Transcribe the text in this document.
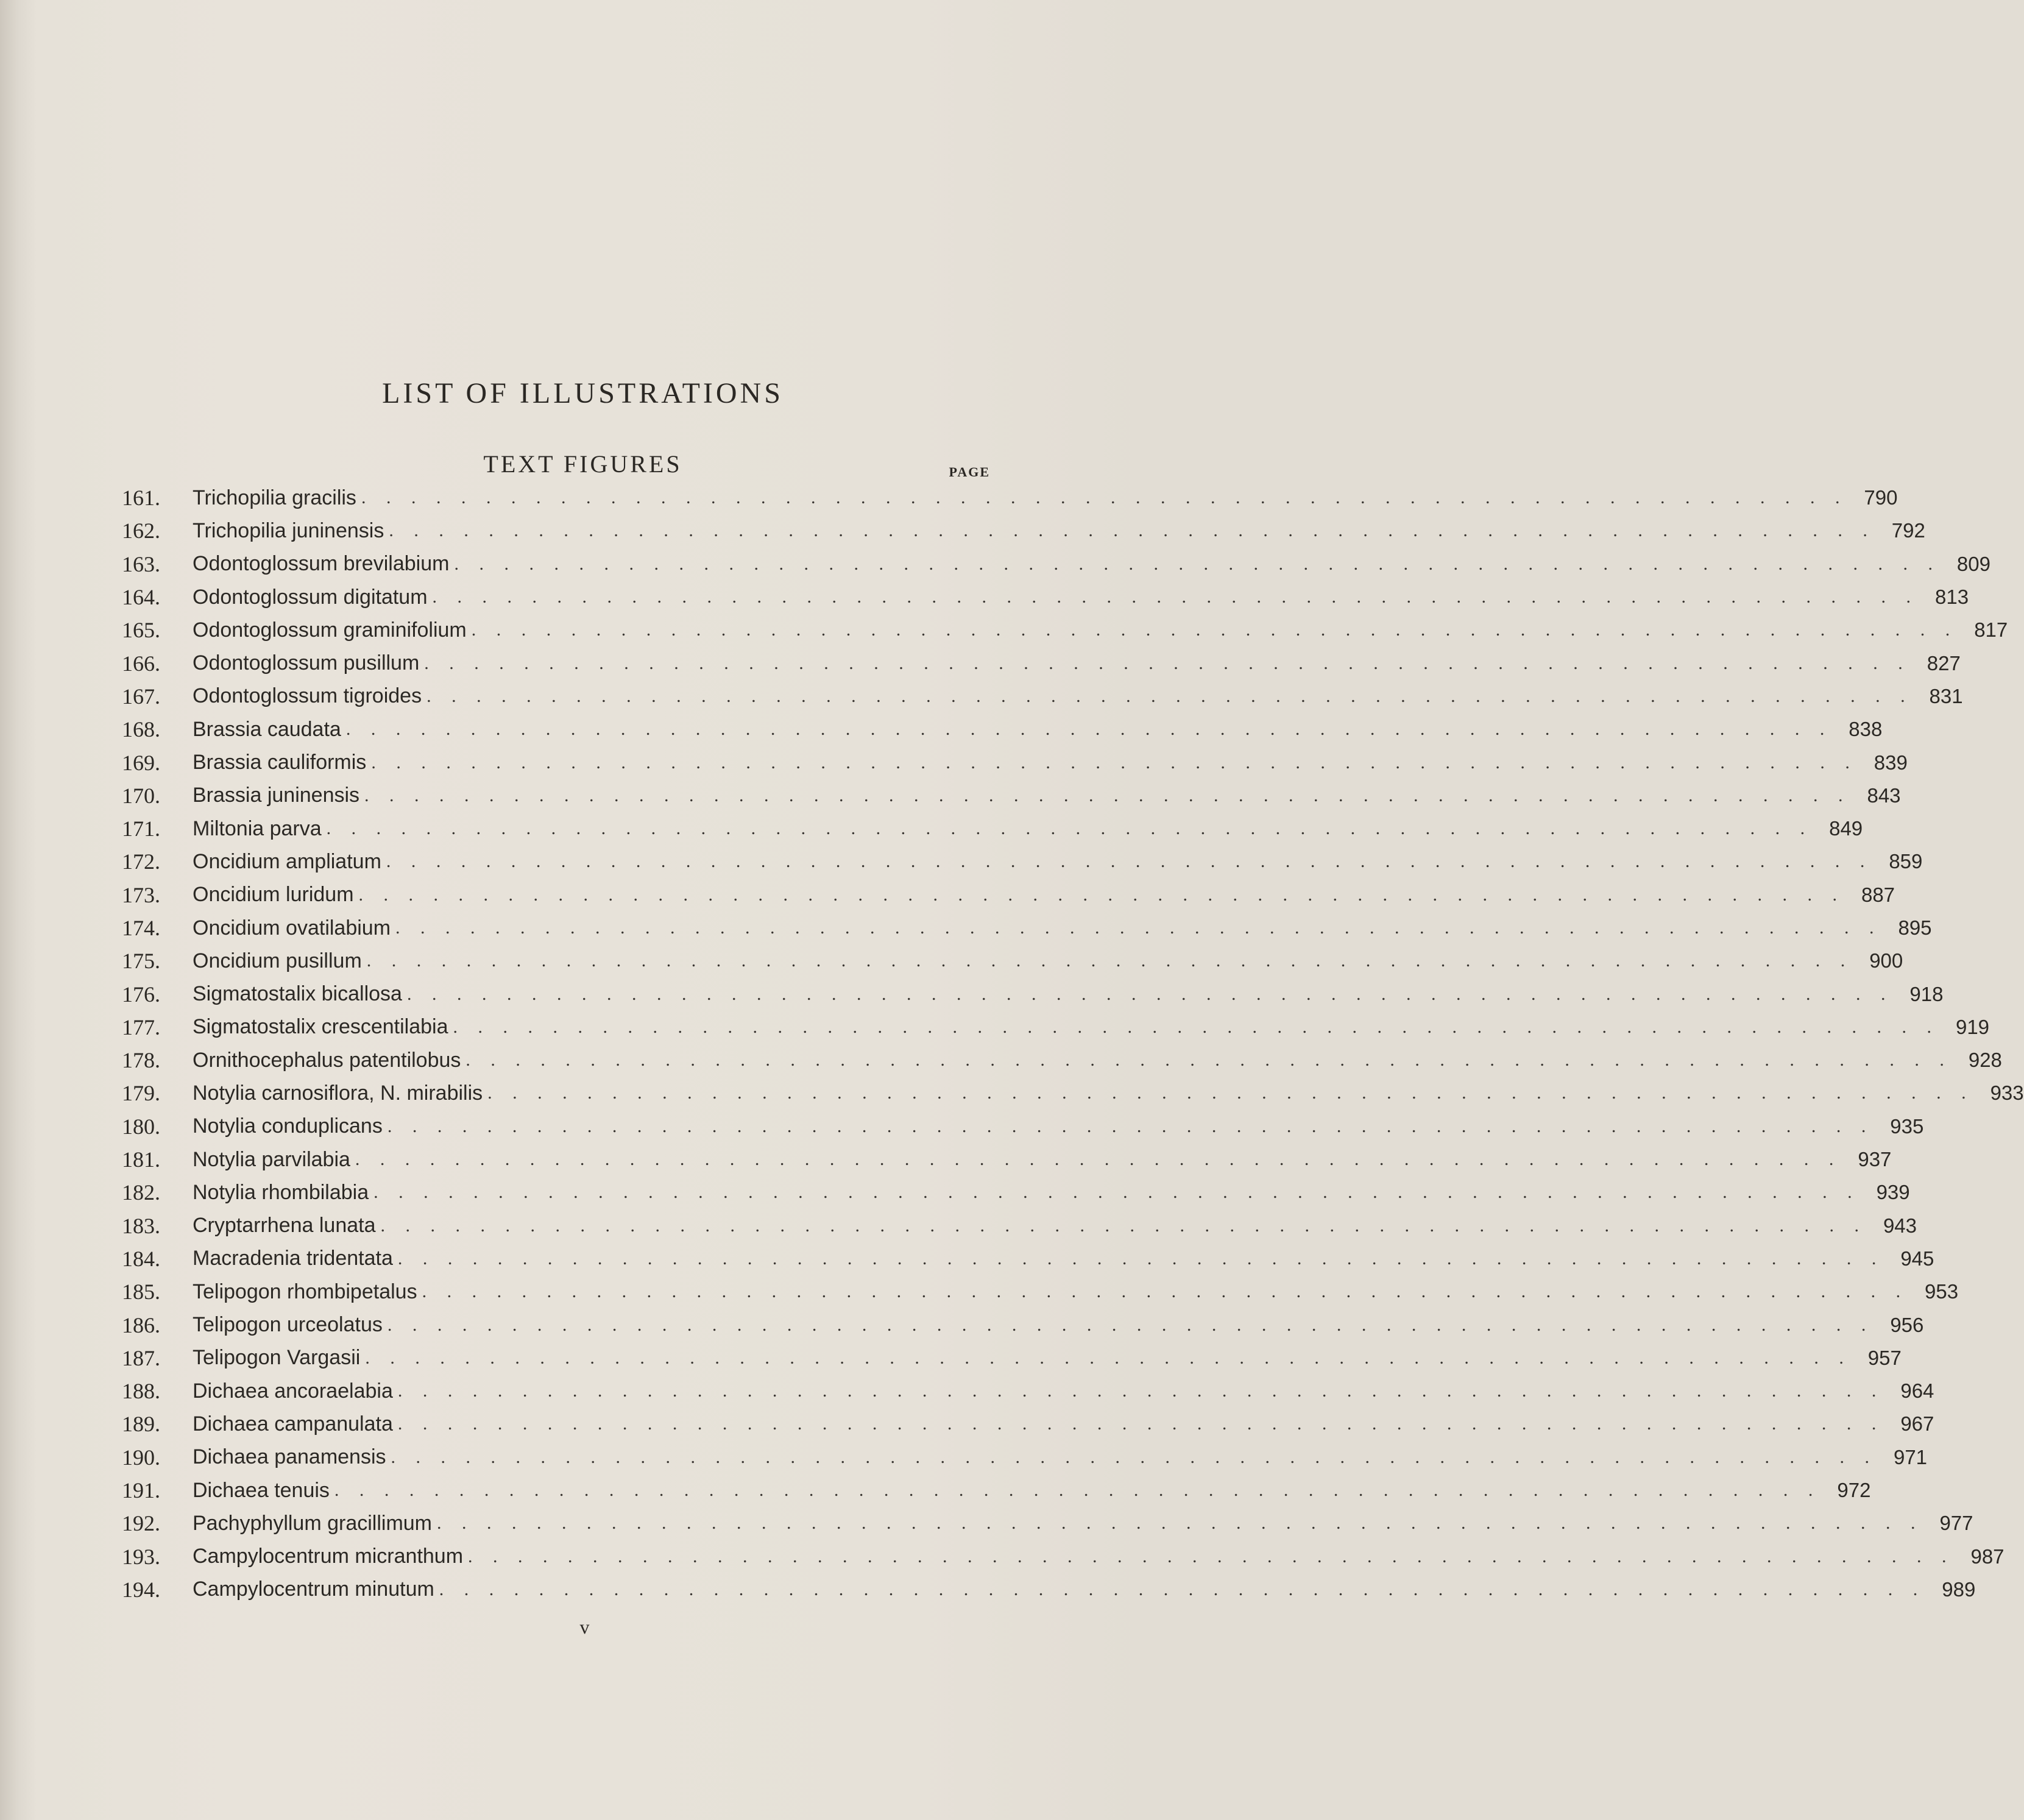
LIST OF ILLUSTRATIONS
TEXT FIGURES	PAGE
161.	Trichopilia gracilis . . . . . . . . . . . . . . . . . . . . . . . . . . . . . . . . . . . . . . . . . . . . . . . . . . . . . . . . . . . . 790
162.	Trichopilia juninensis . . . . . . . . . . . . . . . . . . . . . . . . . . . . . . . . . . . . . . . . . . . . . . . . . . . . . . . . . . . . 792
163.	Odontoglossum brevilabium . . . . . . . . . . . . . . . . . . . . . . . . . . . . . . . . . . . . . . . . . . . . . . . . . . . . . . . . . . . . 809
164.	Odontoglossum digitatum . . . . . . . . . . . . . . . . . . . . . . . . . . . . . . . . . . . . . . . . . . . . . . . . . . . . . . . . . . . . 813
165.	Odontoglossum graminifolium . . . . . . . . . . . . . . . . . . . . . . . . . . . . . . . . . . . . . . . . . . . . . . . . . . . . . . . . . . . . 817
166.	Odontoglossum pusillum . . . . . . . . . . . . . . . . . . . . . . . . . . . . . . . . . . . . . . . . . . . . . . . . . . . . . . . . . . . . 827
167.	Odontoglossum tigroides . . . . . . . . . . . . . . . . . . . . . . . . . . . . . . . . . . . . . . . . . . . . . . . . . . . . . . . . . . . . 831
168.	Brassia caudata . . . . . . . . . . . . . . . . . . . . . . . . . . . . . . . . . . . . . . . . . . . . . . . . . . . . . . . . . . . . 838
169.	Brassia cauliformis . . . . . . . . . . . . . . . . . . . . . . . . . . . . . . . . . . . . . . . . . . . . . . . . . . . . . . . . . . . . 839
170.	Brassia juninensis . . . . . . . . . . . . . . . . . . . . . . . . . . . . . . . . . . . . . . . . . . . . . . . . . . . . . . . . . . . . 843
171.	Miltonia parva . . . . . . . . . . . . . . . . . . . . . . . . . . . . . . . . . . . . . . . . . . . . . . . . . . . . . . . . . . . . 849
172.	Oncidium ampliatum . . . . . . . . . . . . . . . . . . . . . . . . . . . . . . . . . . . . . . . . . . . . . . . . . . . . . . . . . . . . 859
173.	Oncidium luridum . . . . . . . . . . . . . . . . . . . . . . . . . . . . . . . . . . . . . . . . . . . . . . . . . . . . . . . . . . . . 887
174.	Oncidium ovatilabium . . . . . . . . . . . . . . . . . . . . . . . . . . . . . . . . . . . . . . . . . . . . . . . . . . . . . . . . . . . . 895
175.	Oncidium pusillum . . . . . . . . . . . . . . . . . . . . . . . . . . . . . . . . . . . . . . . . . . . . . . . . . . . . . . . . . . . . 900
176.	Sigmatostalix bicallosa . . . . . . . . . . . . . . . . . . . . . . . . . . . . . . . . . . . . . . . . . . . . . . . . . . . . . . . . . . . . 918
177.	Sigmatostalix crescentilabia . . . . . . . . . . . . . . . . . . . . . . . . . . . . . . . . . . . . . . . . . . . . . . . . . . . . . . . . . . . . 919
178.	Ornithocephalus patentilobus . . . . . . . . . . . . . . . . . . . . . . . . . . . . . . . . . . . . . . . . . . . . . . . . . . . . . . . . . . . . 928
179.	Notylia carnosiflora, N. mirabilis . . . . . . . . . . . . . . . . . . . . . . . . . . . . . . . . . . . . . . . . . . . . . . . . . . . . . . . . . . . . 933
180.	Notylia conduplicans . . . . . . . . . . . . . . . . . . . . . . . . . . . . . . . . . . . . . . . . . . . . . . . . . . . . . . . . . . . . 935
181.	Notylia parvilabia . . . . . . . . . . . . . . . . . . . . . . . . . . . . . . . . . . . . . . . . . . . . . . . . . . . . . . . . . . . . 937
182.	Notylia rhombilabia . . . . . . . . . . . . . . . . . . . . . . . . . . . . . . . . . . . . . . . . . . . . . . . . . . . . . . . . . . . . 939
183.	Cryptarrhena lunata . . . . . . . . . . . . . . . . . . . . . . . . . . . . . . . . . . . . . . . . . . . . . . . . . . . . . . . . . . . . 943
184.	Macradenia tridentata . . . . . . . . . . . . . . . . . . . . . . . . . . . . . . . . . . . . . . . . . . . . . . . . . . . . . . . . . . . . 945
185.	Telipogon rhombipetalus . . . . . . . . . . . . . . . . . . . . . . . . . . . . . . . . . . . . . . . . . . . . . . . . . . . . . . . . . . . . 953
186.	Telipogon urceolatus . . . . . . . . . . . . . . . . . . . . . . . . . . . . . . . . . . . . . . . . . . . . . . . . . . . . . . . . . . . . 956
187.	Telipogon Vargasii . . . . . . . . . . . . . . . . . . . . . . . . . . . . . . . . . . . . . . . . . . . . . . . . . . . . . . . . . . . . 957
188.	Dichaea ancoraelabia . . . . . . . . . . . . . . . . . . . . . . . . . . . . . . . . . . . . . . . . . . . . . . . . . . . . . . . . . . . . 964
189.	Dichaea campanulata . . . . . . . . . . . . . . . . . . . . . . . . . . . . . . . . . . . . . . . . . . . . . . . . . . . . . . . . . . . . 967
190.	Dichaea panamensis . . . . . . . . . . . . . . . . . . . . . . . . . . . . . . . . . . . . . . . . . . . . . . . . . . . . . . . . . . . . 971
191.	Dichaea tenuis . . . . . . . . . . . . . . . . . . . . . . . . . . . . . . . . . . . . . . . . . . . . . . . . . . . . . . . . . . . . 972
192.	Pachyphyllum gracillimum . . . . . . . . . . . . . . . . . . . . . . . . . . . . . . . . . . . . . . . . . . . . . . . . . . . . . . . . . . . . 977
193.	Campylocentrum micranthum . . . . . . . . . . . . . . . . . . . . . . . . . . . . . . . . . . . . . . . . . . . . . . . . . . . . . . . . . . . . 987
194.	Campylocentrum minutum . . . . . . . . . . . . . . . . . . . . . . . . . . . . . . . . . . . . . . . . . . . . . . . . . . . . . . . . . . . . 989
v
